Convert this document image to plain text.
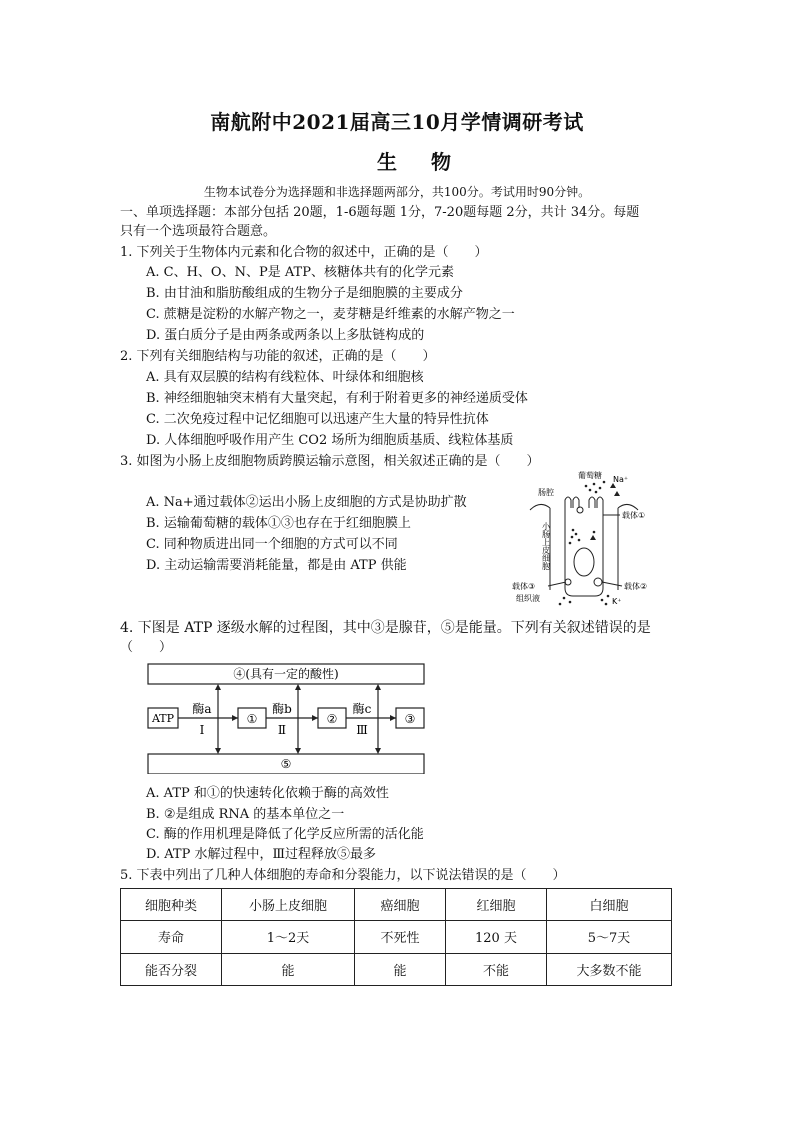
南航附中2021届高三10月学情调研考试
生物
生物本试卷分为选择题和非选择题两部分，共100分。考试用时90分钟。
一、单项选择题：本部分包括 20题，1-6题每题 1分，7-20题每题 2分，共计 34分。每题
只有一个选项最符合题意。
1. 下列关于生物体内元素和化合物的叙述中，正确的是（　　）
A. C、H、O、N、P是 ATP、核糖体共有的化学元素
B. 由甘油和脂肪酸组成的生物分子是细胞膜的主要成分
C. 蔗糖是淀粉的水解产物之一，麦芽糖是纤维素的水解产物之一
D. 蛋白质分子是由两条或两条以上多肽链构成的
2. 下列有关细胞结构与功能的叙述，正确的是（　　）
A. 具有双层膜的结构有线粒体、叶绿体和细胞核
B. 神经细胞轴突末梢有大量突起，有利于附着更多的神经递质受体
C. 二次免疫过程中记忆细胞可以迅速产生大量的特异性抗体
D. 人体细胞呼吸作用产生 CO2 场所为细胞质基质、线粒体基质
3. 如图为小肠上皮细胞物质跨膜运输示意图，相关叙述正确的是（　　）
A. Na+通过载体②运出小肠上皮细胞的方式是协助扩散
B. 运输葡萄糖的载体①③也存在于红细胞膜上
C. 同种物质进出同一个细胞的方式可以不同
D. 主动运输需要消耗能量，都是由 ATP 供能
葡萄糖 Na⁺
肠腔
载体①
载体③	载体②
组织液	K⁺
小肠上皮细胞
4. 下图是 ATP 逐级水解的过程图，其中③是腺苷，⑤是能量。下列有关叙述错误的是
（　　）
④(具有一定的酸性)
⑤
ATP	①	②	③
酶a	酶b	酶c
Ⅰ	Ⅱ	Ⅲ
A. ATP 和①的快速转化依赖于酶的高效性
B. ②是组成 RNA 的基本单位之一
C. 酶的作用机理是降低了化学反应所需的活化能
D. ATP 水解过程中，Ⅲ过程释放⑤最多
5. 下表中列出了几种人体细胞的寿命和分裂能力，以下说法错误的是（　　）
细胞种类	小肠上皮细胞	癌细胞	红细胞	白细胞
寿命	1～2天	不死性	120 天	5～7天
能否分裂	能	能	不能	大多数不能
